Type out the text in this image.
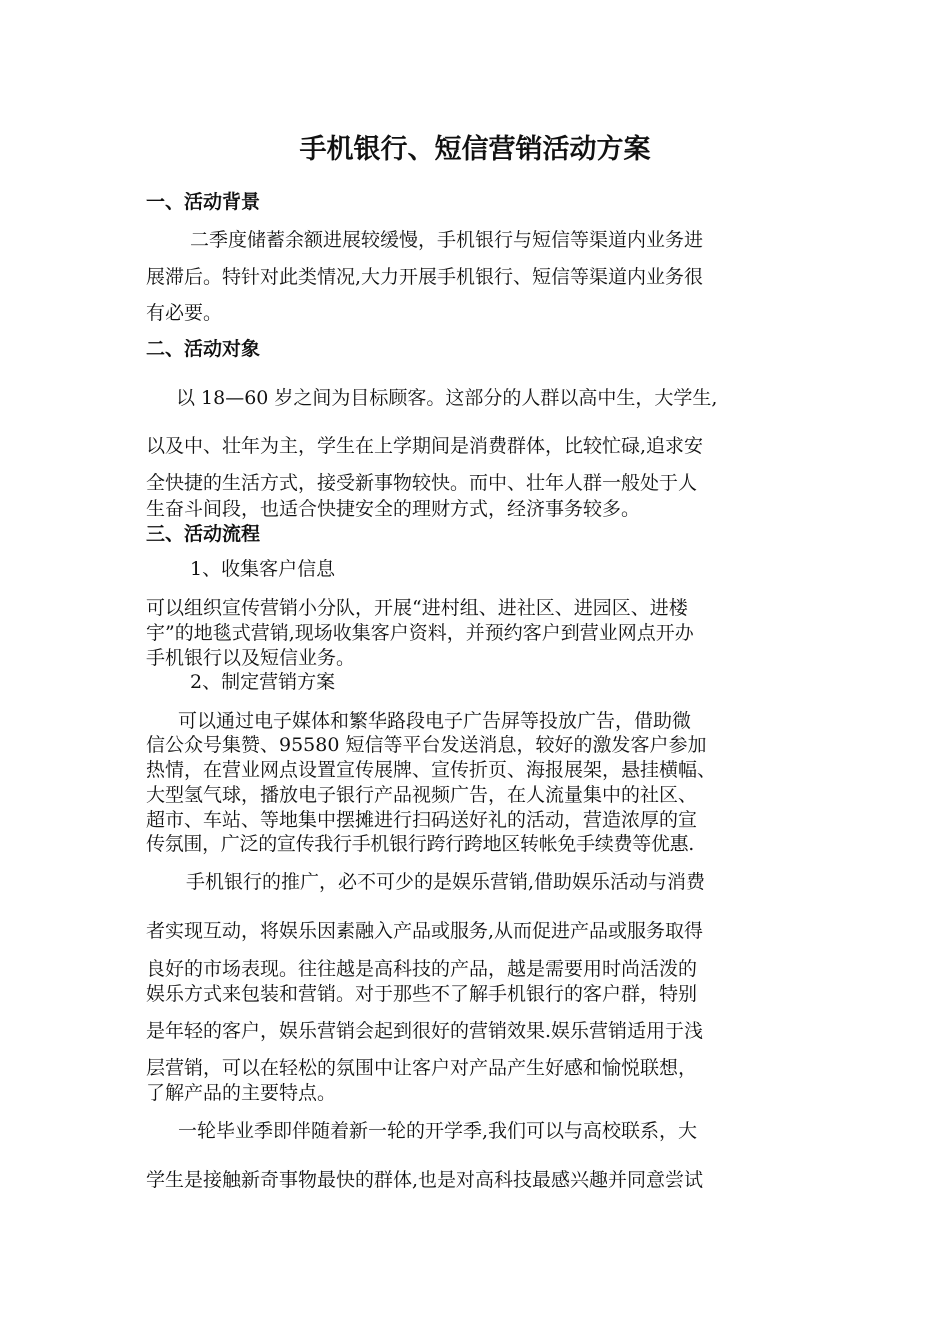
手机银行、短信营销活动方案
一、活动背景
二季度储蓄余额进展较缓慢，手机银行与短信等渠道内业务进
展滞后。特针对此类情况,大力开展手机银行、短信等渠道内业务很
有必要。
二、活动对象
以 18—60 岁之间为目标顾客。这部分的人群以高中生，大学生,
以及中、壮年为主，学生在上学期间是消费群体，比较忙碌,追求安
全快捷的生活方式，接受新事物较快。而中、壮年人群一般处于人
生奋斗间段，也适合快捷安全的理财方式，经济事务较多。
三、活动流程
1、收集客户信息
可以组织宣传营销小分队，开展“进村组、进社区、进园区、进楼
宇”的地毯式营销,现场收集客户资料，并预约客户到营业网点开办
手机银行以及短信业务。
2、制定营销方案
可以通过电子媒体和繁华路段电子广告屏等投放广告，借助微
信公众号集赞、95580 短信等平台发送消息，较好的激发客户参加
热情，在营业网点设置宣传展牌、宣传折页、海报展架，悬挂横幅、
大型氢气球，播放电子银行产品视频广告，在人流量集中的社区、
超市、车站、等地集中摆摊进行扫码送好礼的活动，营造浓厚的宣
传氛围，广泛的宣传我行手机银行跨行跨地区转帐免手续费等优惠.
手机银行的推广，必不可少的是娱乐营销,借助娱乐活动与消费
者实现互动，将娱乐因素融入产品或服务,从而促进产品或服务取得
良好的市场表现。往往越是高科技的产品，越是需要用时尚活泼的
娱乐方式来包装和营销。对于那些不了解手机银行的客户群，特别
是年轻的客户，娱乐营销会起到很好的营销效果.娱乐营销适用于浅
层营销，可以在轻松的氛围中让客户对产品产生好感和愉悦联想，
了解产品的主要特点。
一轮毕业季即伴随着新一轮的开学季,我们可以与高校联系，大
学生是接触新奇事物最快的群体,也是对高科技最感兴趣并同意尝试
